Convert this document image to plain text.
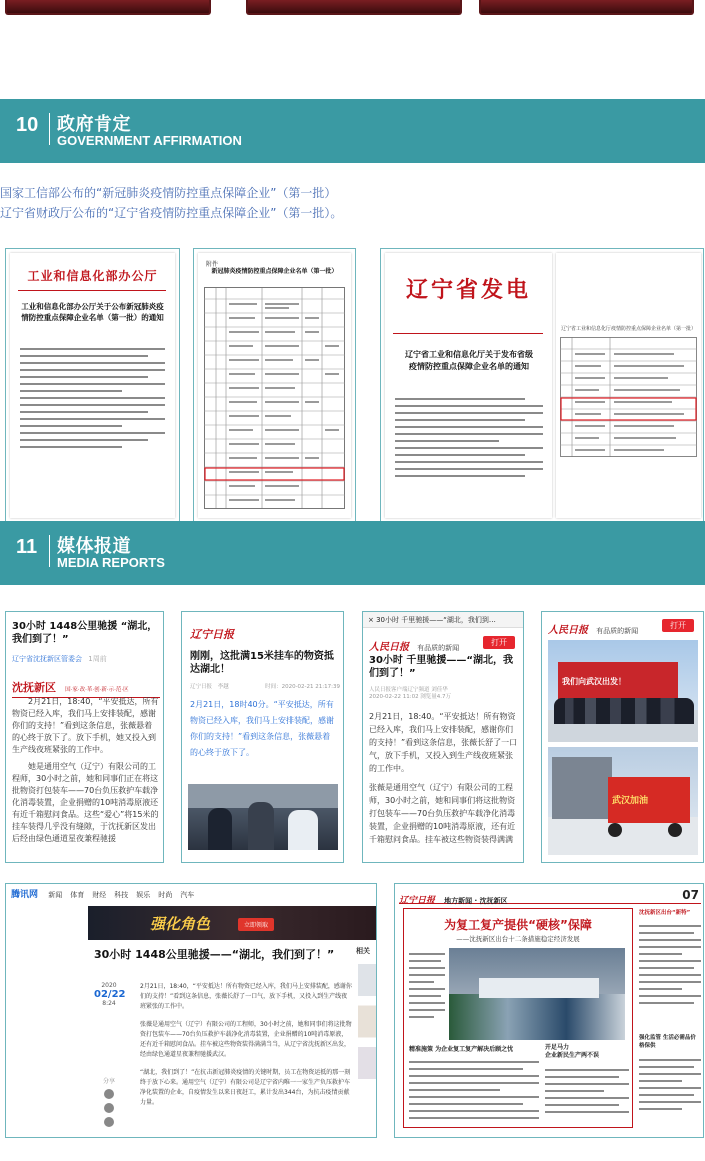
10 政府肯定
GOVERNMENT AFFIRMATION
国家工信部公布的“新冠肺炎疫情防控重点保障企业”（第一批）
辽宁省财政厅公布的“辽宁省疫情防控重点保障企业”（第一批）。
工业和信息化部办公厅
工业和信息化部办公厅关于公布新冠肺炎疫情防控重点保障企业名单（第一批）的通知
附件
新冠肺炎疫情防控重点保障企业名单（第一批）
辽宁省发电
辽宁省工业和信息化厅关于发布省级疫情防控重点保障企业名单的通知
辽宁省工业和信息化厅疫情防控重点保障企业名单（第一批）
11 媒体报道
MEDIA REPORTS
30小时 1448公里驰援 “湖北，我们到了！”
辽宁省沈抚新区管委会 1周前
沈抚新区 国·家·改·革·创·新·示·范·区

2月21日，18:40，“平安抵达，所有物资已经入库，我们马上安排装配，感谢你们的支持！”看到这条信息，张薇悬着的心终于放下了。放下手机，她又投入到生产线夜班紧张的工作中。

她是通用空气（辽宁）有限公司的工程师，30小时之前，她和同事们正在将这批物资打包装车——70台负压救护车载净化消毒装置，企业捐赠的10吨消毒原液还有近千箱慰问食品。这些“爱心”将15米的挂车装得几乎没有缝隙，于沈抚新区发出后经由绿色通道星夜兼程驰援

辽宁日报
刚刚，这批满15米挂车的物资抵达湖北！
辽宁日报 李越	时间：2020-02-21 21:17:39
2月21日，18时40分。“平安抵达，所有物资已经入库，我们马上安排装配，感谢你们的支持！”看到这条信息，张薇悬着的心终于放下了。
× 30小时 千里驰援——“湖北，我们到…
人民日报 有品质的新闻
打开
30小时 千里驰援——“湖北，我们到了！”
人民日报客户端辽宁频道 刘佳华
2020-02-22 11:02 浏览量4.7万

2月21日，18:40。“平安抵达！所有物资已经入库，我们马上安排装配，感谢你们的支持！”看到这条信息，张薇长舒了一口气，放下手机，又投入到生产线夜班紧张的工作中。

张薇是通用空气（辽宁）有限公司的工程师，30小时之前，她和同事们将这批物资打包装车——70台负压救护车载净化消毒装置，企业捐赠的10吨消毒原液，还有近千箱慰问食品。挂车被这些物资装得满满

人民日报 有品质的新闻
打开
我们向武汉出发！
武汉加油
腾讯网 新闻 体育 财经 科技 娱乐 时尚 汽车
强化角色	立即领取
30小时 1448公里驰援——“湖北，我们到了！”	相关
2020
02/22
8:24
分享

2月21日，18:40，“平安抵达！所有物资已经入库，我们马上安排装配，感谢你们的支持！”看到这条信息，张薇长舒了一口气，放下手机，又投入到生产线夜班紧张的工作中。

张薇是通用空气（辽宁）有限公司的工程师，30小时之前，她和同事们将这批物资打包装车——70台负压救护车载净化消毒装置，企业捐赠的10吨消毒原液，还有近千箱慰问食品。挂车被这些物资装得满满当当，从辽宁省沈抚新区出发，经由绿色通道星夜兼程驰援武汉。

“湖北，我们到了！”在抗击新冠肺炎疫情的关键时期，员工在物资运抵的那一刻终于放下心来。通用空气（辽宁）有限公司是辽宁省内唯一一家生产负压救护车净化装置的企业，自疫情发生以来日夜赶工，累计发出344台，为抗击疫情贡献力量。

辽宁日报 地方新闻 · 沈抚新区	07
为复工复产提供“硬核”保障
——沈抚新区出台十二条措施稳定经济发展
精准施策 为企业复工复产解决后顾之忧	开足马力
企业新民生产两不误
沈抚新区出台“新特”
强化监管 生活必需品价格保供
